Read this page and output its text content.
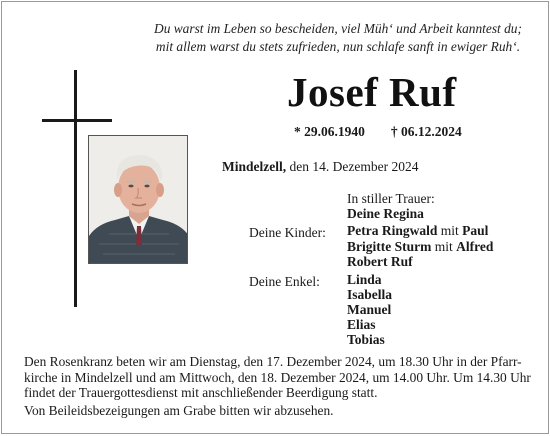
Du warst im Leben so bescheiden, viel Müh‘ und Arbeit kanntest du;
mit allem warst du stets zufrieden, nun schlafe sanft in ewiger Ruh‘.
Josef Ruf
* 29.06.1940 † 06.12.2024
Mindelzell, den 14. Dezember 2024
In stiller Trauer:
Deine Regina
Deine Kinder: Petra Ringwald mit Paul
Brigitte Sturm mit Alfred
Robert Ruf
Deine Enkel: Linda
Isabella
Manuel
Elias
Tobias
Den Rosenkranz beten wir am Dienstag, den 17. Dezember 2024, um 18.30 Uhr in der Pfarr-
kirche in Mindelzell und am Mittwoch, den 18. Dezember 2024, um 14.00 Uhr. Um 14.30 Uhr
findet der Trauergottesdienst mit anschließender Beerdigung statt.
Von Beileidsbezeigungen am Grabe bitten wir abzusehen.
